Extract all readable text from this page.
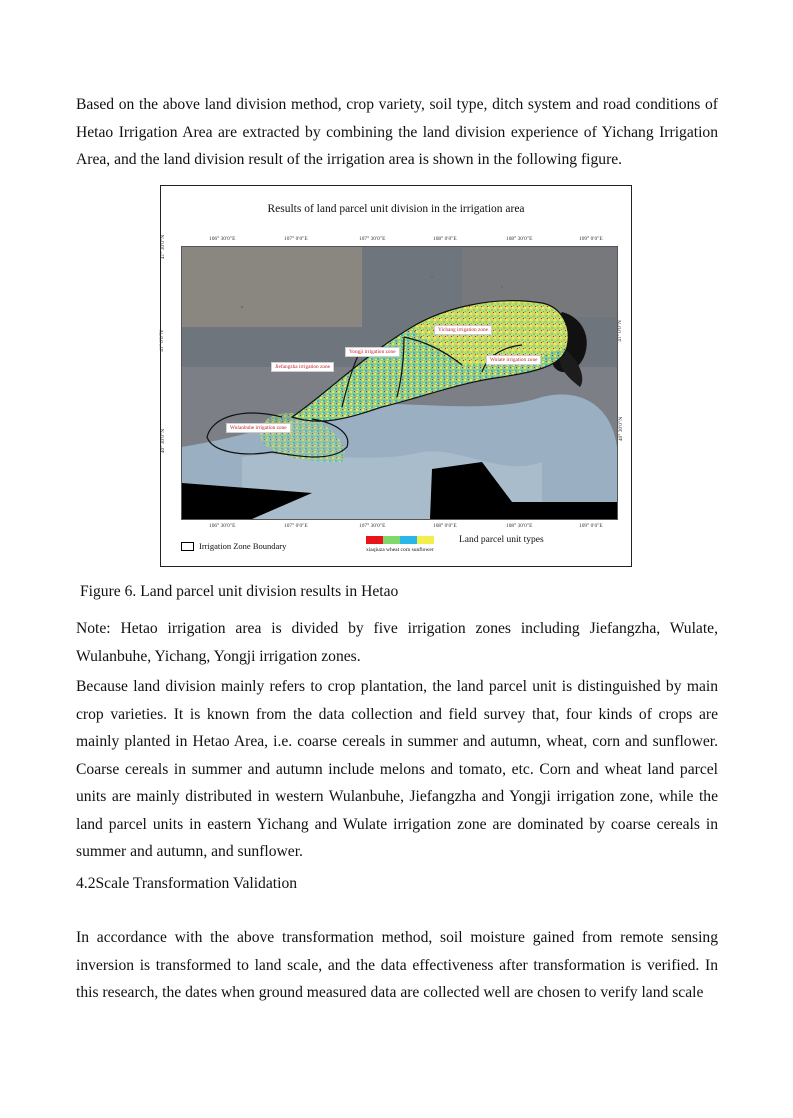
Based on the above land division method, crop variety, soil type, ditch system and road conditions of Hetao Irrigation Area are extracted by combining the land division experience of Yichang Irrigation Area, and the land division result of the irrigation area is shown in the following figure.

Results of land parcel unit division in the irrigation area
106° 30′0″E	107° 0′0″E	107° 30′0″E	108° 0′0″E	108° 30′0″E	109° 0′0″E
41° 30′0″N
41° 0′0″N
40° 30′0″N
41° 0′0″N
40° 30′0″N
Yichang irrigation zone
Yongji irrigation zone
Jiefangzha irrigation zone
Wulate irrigation zone
Wulanbuhe irrigation zone
106° 30′0″E	107° 0′0″E	107° 30′0″E	108° 0′0″E	108° 30′0″E	109° 0′0″E
Irrigation Zone Boundary
Land parcel unit types
xiaqiuza wheat corn sunflower
Figure 6. Land parcel unit division results in Hetao

Note: Hetao irrigation area is divided by five irrigation zones including Jiefangzha, Wulate, Wulanbuhe, Yichang, Yongji irrigation zones.

Because land division mainly refers to crop plantation, the land parcel unit is distinguished by main crop varieties. It is known from the data collection and field survey that, four kinds of crops are mainly planted in Hetao Area, i.e. coarse cereals in summer and autumn, wheat, corn and sunflower. Coarse cereals in summer and autumn include melons and tomato, etc. Corn and wheat land parcel units are mainly distributed in western Wulanbuhe, Jiefangzha and Yongji irrigation zone, while the land parcel units in eastern Yichang and Wulate irrigation zone are dominated by coarse cereals in summer and autumn, and sunflower.

4.2Scale Transformation Validation

In accordance with the above transformation method, soil moisture gained from remote sensing inversion is transformed to land scale, and the data effectiveness after transformation is verified. In this research, the dates when ground measured data are collected well are chosen to verify land scale
